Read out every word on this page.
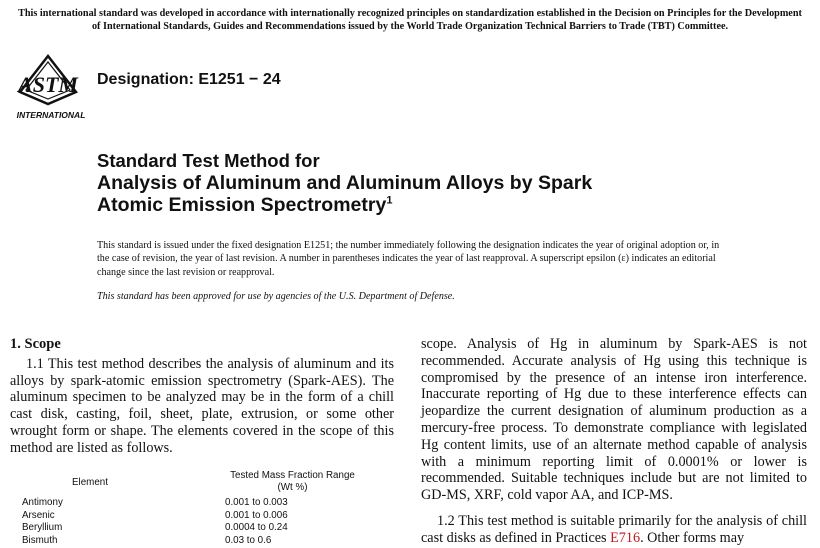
This international standard was developed in accordance with internationally recognized principles on standardization established in the Decision on Principles for the Development of International Standards, Guides and Recommendations issued by the World Trade Organization Technical Barriers to Trade (TBT) Committee.
ASTM
INTERNATIONAL
Designation: E1251 − 24
Standard Test Method for
Analysis of Aluminum and Aluminum Alloys by Spark
Atomic Emission Spectrometry$^1$
This standard is issued under the fixed designation E1251; the number immediately following the designation indicates the year of original adoption or, in the case of revision, the year of last revision. A number in parentheses indicates the year of last reapproval. A superscript epsilon (ε) indicates an editorial change since the last revision or reapproval.
This standard has been approved for use by agencies of the U.S. Department of Defense.
1. Scope

1.1 This test method describes the analysis of aluminum and its alloys by spark-atomic emission spectrometry (Spark-AES). The aluminum specimen to be analyzed may be in the form of a chill cast disk, casting, foil, sheet, plate, extrusion, or some other wrought form or shape. The elements covered in the scope of this method are listed as follows.

Element
Tested Mass Fraction Range
(Wt %)
Antimony	0.001 to 0.003
Arsenic	0.001 to 0.006
Beryllium	0.0004 to 0.24
Bismuth	0.03 to 0.6

scope. Analysis of Hg in aluminum by Spark-AES is not recommended. Accurate analysis of Hg using this technique is compromised by the presence of an intense iron interference. Inaccurate reporting of Hg due to these interference effects can jeopardize the current designation of aluminum production as a mercury-free process. To demonstrate compliance with legislated Hg content limits, use of an alternate method capable of analysis with a minimum reporting limit of 0.0001% or lower is recommended. Suitable techniques include but are not limited to GD-MS, XRF, cold vapor AA, and ICP-MS.

1.2 This test method is suitable primarily for the analysis of chill cast disks as defined in Practices E716. Other forms may
